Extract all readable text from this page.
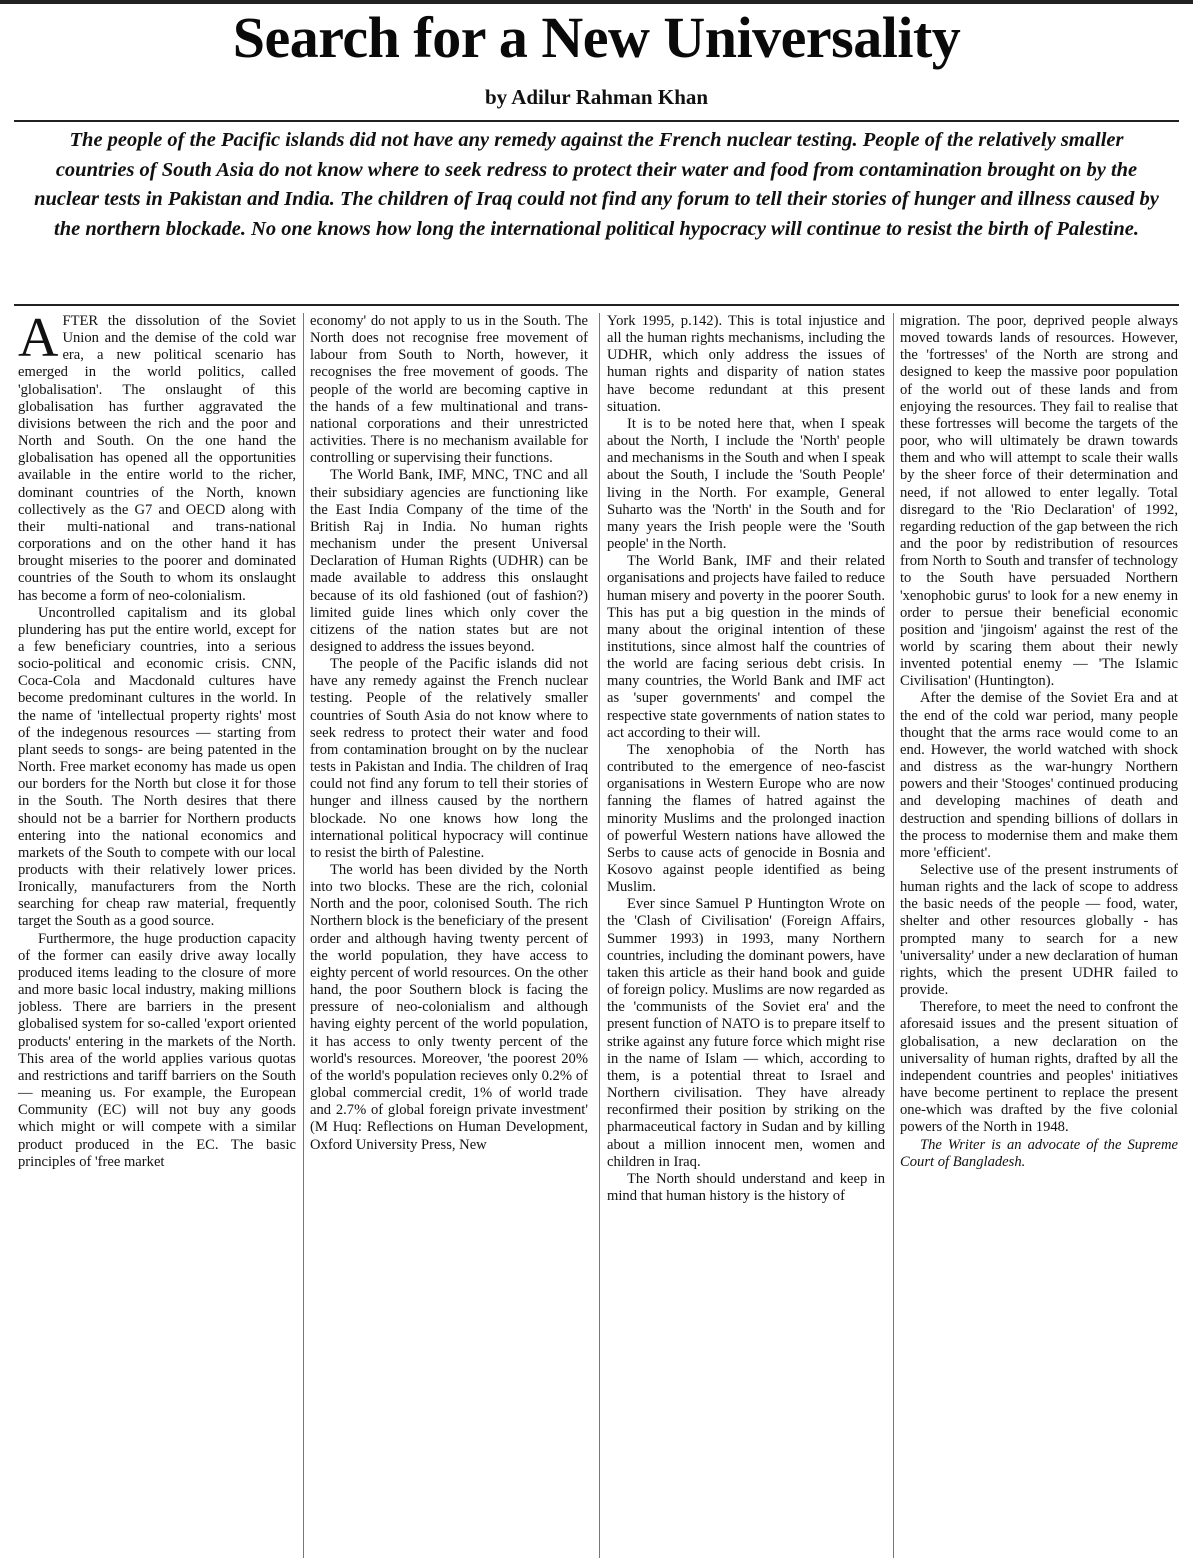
Search for a New Universality
by Adilur Rahman Khan

The people of the Pacific islands did not have any remedy against the French nuclear testing. People of the relatively smaller countries of South Asia do not know where to seek redress to protect their water and food from contamination brought on by the nuclear tests in Pakistan and India. The children of Iraq could not find any forum to tell their stories of hunger and illness caused by the northern blockade. No one knows how long the international political hypocracy will continue to resist the birth of Palestine.

AFTER the dissolution of the Soviet Union and the demise of the cold war era, a new political scenario has emerged in the world politics, called 'globalisation'. The onslaught of this globalisation has further aggravated the divisions between the rich and the poor and North and South. On the one hand the globalisation has opened all the opportunities available in the entire world to the richer, dominant countries of the North, known collectively as the G7 and OECD along with their multi-national and trans-national corporations and on the other hand it has brought miseries to the poorer and dominated countries of the South to whom its onslaught has become a form of neo-colonialism.

Uncontrolled capitalism and its global plundering has put the entire world, except for a few beneficiary countries, into a serious socio-political and economic crisis. CNN, Coca-Cola and Macdonald cultures have become predominant cultures in the world. In the name of 'intellectual property rights' most of the indegenous resources — starting from plant seeds to songs- are being patented in the North. Free market economy has made us open our borders for the North but close it for those in the South. The North desires that there should not be a barrier for Northern products entering into the national economics and markets of the South to compete with our local products with their relatively lower prices. Ironically, manufacturers from the North searching for cheap raw material, frequently target the South as a good source.

Furthermore, the huge production capacity of the former can easily drive away locally produced items leading to the closure of more and more basic local industry, making millions jobless. There are barriers in the present globalised system for so-called 'export oriented products' entering in the markets of the North. This area of the world applies various quotas and restrictions and tariff barriers on the South — meaning us. For example, the European Community (EC) will not buy any goods which might or will compete with a similar product produced in the EC. The basic principles of 'free market

economy' do not apply to us in the South. The North does not recognise free movement of labour from South to North, however, it recognises the free movement of goods. The people of the world are becoming captive in the hands of a few multinational and trans-national corporations and their unrestricted activities. There is no mechanism available for controlling or supervising their functions.

The World Bank, IMF, MNC, TNC and all their subsidiary agencies are functioning like the East India Company of the time of the British Raj in India. No human rights mechanism under the present Universal Declaration of Human Rights (UDHR) can be made available to address this onslaught because of its old fashioned (out of fashion?) limited guide lines which only cover the citizens of the nation states but are not designed to address the issues beyond.

The people of the Pacific islands did not have any remedy against the French nuclear testing. People of the relatively smaller countries of South Asia do not know where to seek redress to protect their water and food from contamination brought on by the nuclear tests in Pakistan and India. The children of Iraq could not find any forum to tell their stories of hunger and illness caused by the northern blockade. No one knows how long the international political hypocracy will continue to resist the birth of Palestine.

The world has been divided by the North into two blocks. These are the rich, colonial North and the poor, colonised South. The rich Northern block is the beneficiary of the present order and although having twenty percent of the world population, they have access to eighty percent of world resources. On the other hand, the poor Southern block is facing the pressure of neo-colonialism and although having eighty percent of the world population, it has access to only twenty percent of the world's resources. Moreover, 'the poorest 20% of the world's population recieves only 0.2% of global commercial credit, 1% of world trade and 2.7% of global foreign private investment' (M Huq: Reflections on Human Development, Oxford University Press, New

York 1995, p.142). This is total injustice and all the human rights mechanisms, including the UDHR, which only address the issues of human rights and disparity of nation states have become redundant at this present situation.

It is to be noted here that, when I speak about the North, I include the 'North' people and mechanisms in the South and when I speak about the South, I include the 'South People' living in the North. For example, General Suharto was the 'North' in the South and for many years the Irish people were the 'South people' in the North.

The World Bank, IMF and their related organisations and projects have failed to reduce human misery and poverty in the poorer South. This has put a big question in the minds of many about the original intention of these institutions, since almost half the countries of the world are facing serious debt crisis. In many countries, the World Bank and IMF act as 'super governments' and compel the respective state governments of nation states to act according to their will.

The xenophobia of the North has contributed to the emergence of neo-fascist organisations in Western Europe who are now fanning the flames of hatred against the minority Muslims and the prolonged inaction of powerful Western nations have allowed the Serbs to cause acts of genocide in Bosnia and Kosovo against people identified as being Muslim.

Ever since Samuel P Huntington Wrote on the 'Clash of Civilisation' (Foreign Affairs, Summer 1993) in 1993, many Northern countries, including the dominant powers, have taken this article as their hand book and guide of foreign policy. Muslims are now regarded as the 'communists of the Soviet era' and the present function of NATO is to prepare itself to strike against any future force which might rise in the name of Islam — which, according to them, is a potential threat to Israel and Northern civilisation. They have already reconfirmed their position by striking on the pharmaceutical factory in Sudan and by killing about a million innocent men, women and children in Iraq.

The North should understand and keep in mind that human history is the history of

migration. The poor, deprived people always moved towards lands of resources. However, the 'fortresses' of the North are strong and designed to keep the massive poor population of the world out of these lands and from enjoying the resources. They fail to realise that these fortresses will become the targets of the poor, who will ultimately be drawn towards them and who will attempt to scale their walls by the sheer force of their determination and need, if not allowed to enter legally. Total disregard to the 'Rio Declaration' of 1992, regarding reduction of the gap between the rich and the poor by redistribution of resources from North to South and transfer of technology to the South have persuaded Northern 'xenophobic gurus' to look for a new enemy in order to persue their beneficial economic position and 'jingoism' against the rest of the world by scaring them about their newly invented potential enemy — 'The Islamic Civilisation' (Huntington).

After the demise of the Soviet Era and at the end of the cold war period, many people thought that the arms race would come to an end. However, the world watched with shock and distress as the war-hungry Northern powers and their 'Stooges' continued producing and developing machines of death and destruction and spending billions of dollars in the process to modernise them and make them more 'efficient'.

Selective use of the present instruments of human rights and the lack of scope to address the basic needs of the people — food, water, shelter and other resources globally - has prompted many to search for a new 'universality' under a new declaration of human rights, which the present UDHR failed to provide.

Therefore, to meet the need to confront the aforesaid issues and the present situation of globalisation, a new declaration on the universality of human rights, drafted by all the independent countries and peoples' initiatives have become pertinent to replace the present one-which was drafted by the five colonial powers of the North in 1948.

The Writer is an advocate of the Supreme Court of Bangladesh.
